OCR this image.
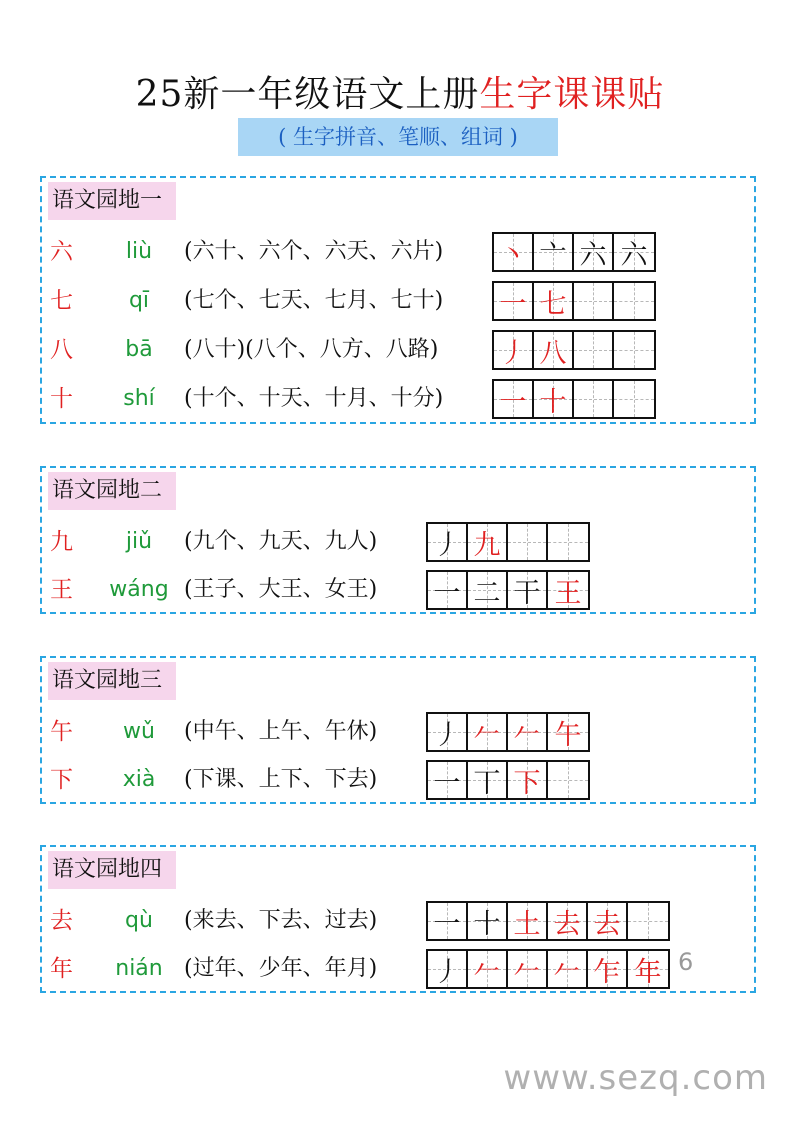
25新一年级语文上册生字课课贴
( 生字拼音、笔顺、组词 )
语文园地一
六	liù	(六十、六个、六天、六片) 丶 亠 六 六
七	qī	(七个、七天、七月、七十) 一 七
八	bā	(八十)(八个、八方、八路) 丿 八
十	shí	(十个、十天、十月、十分) 一 十
语文园地二
九	jiǔ	(九个、九天、九人) 丿 九
王	wáng (王子、大王、女王) 一 二 干 王
语文园地三
午	wǔ	(中午、上午、午休) 丿 𠂉 𠂉 午
下	xià	(下课、上下、下去) 一 丅 下
语文园地四
去	qù	(来去、下去、过去) 一 十 土 去 去
年	nián (过年、少年、年月) 丿 𠂉 𠂉 𠂉 乍 年 6
www.sezq.com
